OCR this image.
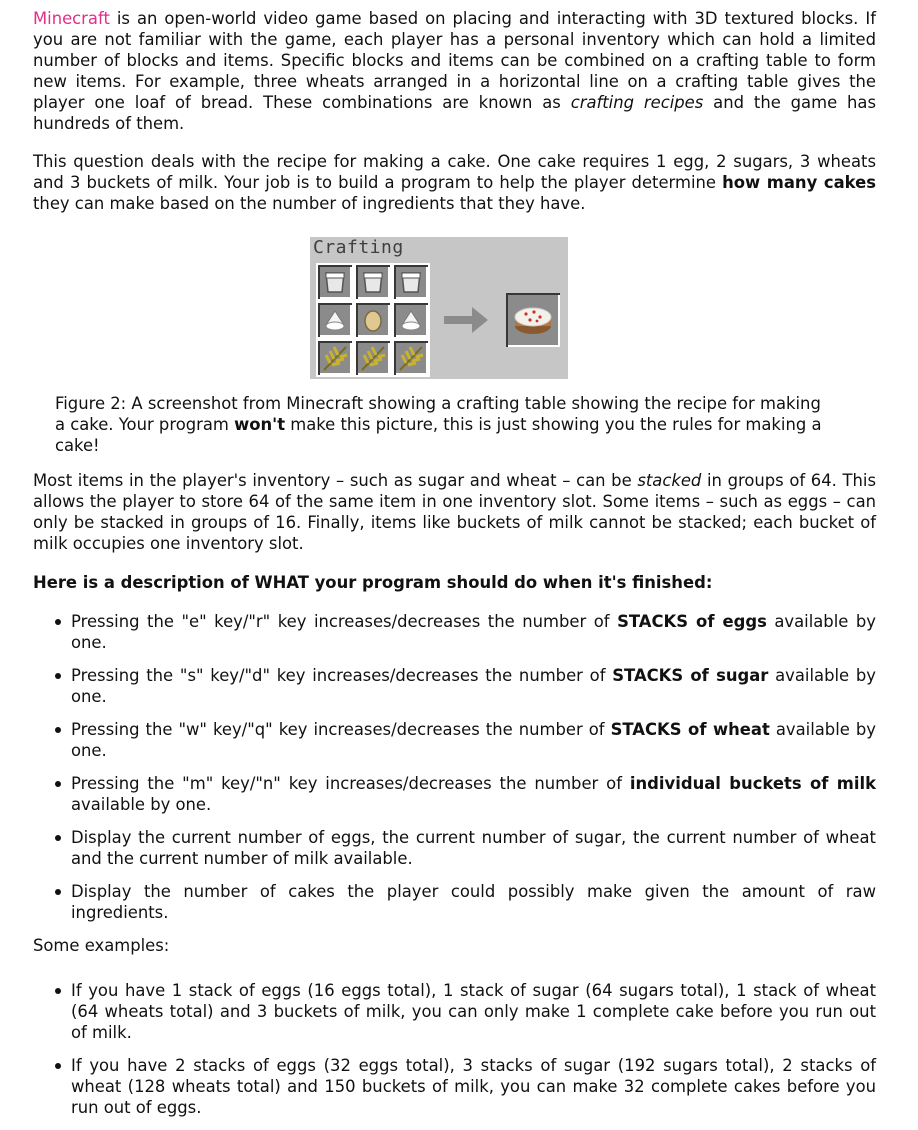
Minecraft is an open-world video game based on placing and interacting with 3D textured blocks. If you are not familiar with the game, each player has a personal inventory which can hold a limited number of blocks and items. Specific blocks and items can be combined on a crafting table to form new items. For example, three wheats arranged in a horizontal line on a crafting table gives the player one loaf of bread. These combinations are known as crafting recipes and the game has hundreds of them.

This question deals with the recipe for making a cake. One cake requires 1 egg, 2 sugars, 3 wheats and 3 buckets of milk. Your job is to build a program to help the player determine how many cakes they can make based on the number of ingredients that they have.

Crafting

Figure 2: A screenshot from Minecraft showing a crafting table showing the recipe for making a cake. Your program won't make this picture, this is just showing you the rules for making a cake!

Most items in the player's inventory – such as sugar and wheat – can be stacked in groups of 64. This allows the player to store 64 of the same item in one inventory slot. Some items – such as eggs – can only be stacked in groups of 16. Finally, items like buckets of milk cannot be stacked; each bucket of milk occupies one inventory slot.

Here is a description of WHAT your program should do when it's finished:

Pressing the "e" key/"r" key increases/decreases the number of STACKS of eggs available by one.
Pressing the "s" key/"d" key increases/decreases the number of STACKS of sugar available by one.
Pressing the "w" key/"q" key increases/decreases the number of STACKS of wheat available by one.
Pressing the "m" key/"n" key increases/decreases the number of individual buckets of milk available by one.
Display the current number of eggs, the current number of sugar, the current number of wheat and the current number of milk available.
Display the number of cakes the player could possibly make given the amount of raw ingredients.

Some examples:

If you have 1 stack of eggs (16 eggs total), 1 stack of sugar (64 sugars total), 1 stack of wheat (64 wheats total) and 3 buckets of milk, you can only make 1 complete cake before you run out of milk.
If you have 2 stacks of eggs (32 eggs total), 3 stacks of sugar (192 sugars total), 2 stacks of wheat (128 wheats total) and 150 buckets of milk, you can make 32 complete cakes before you run out of eggs.
